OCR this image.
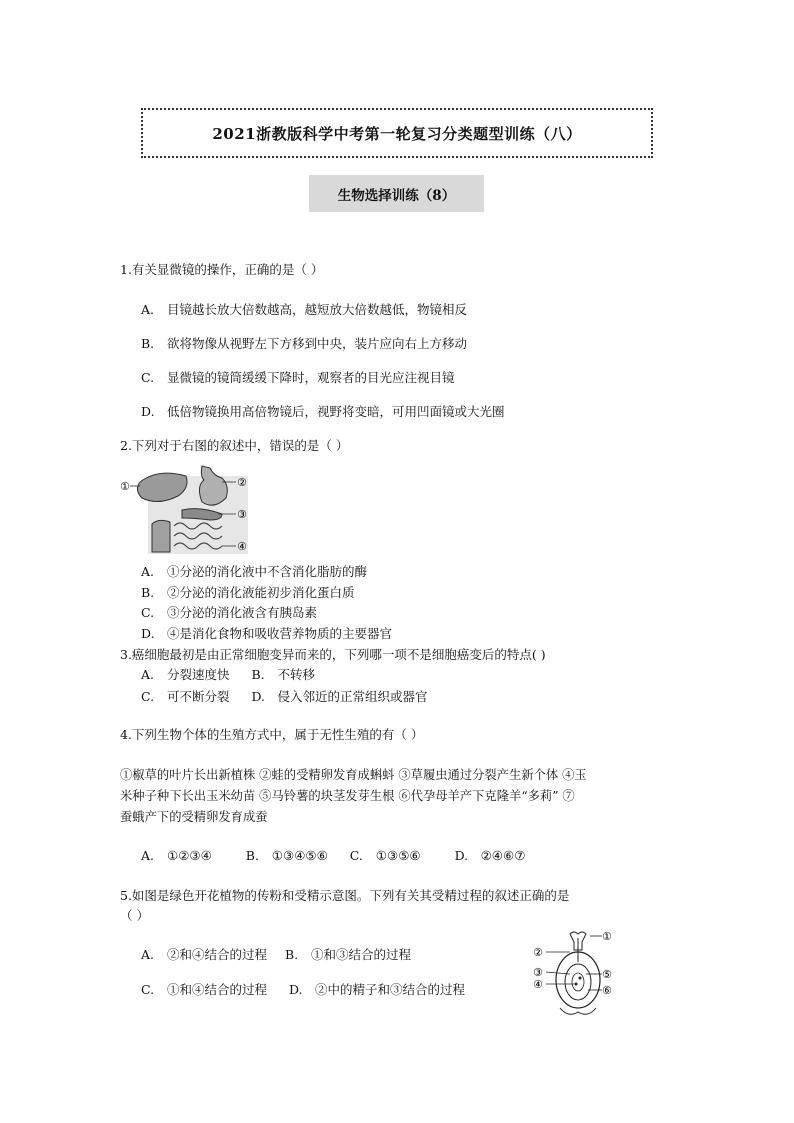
2021浙教版科学中考第一轮复习分类题型训练（八）
生物选择训练（8）
1.有关显微镜的操作，正确的是（ ）
A. 目镜越长放大倍数越高，越短放大倍数越低，物镜相反
B. 欲将物像从视野左下方移到中央，装片应向右上方移动
C. 显微镜的镜筒缓缓下降时，观察者的目光应注视目镜
D. 低倍物镜换用高倍物镜后，视野将变暗，可用凹面镜或大光圈
2.下列对于右图的叙述中，错误的是（ ）
①	②
③
④
A. ①分泌的消化液中不含消化脂肪的酶
B. ②分泌的消化液能初步消化蛋白质
C. ③分泌的消化液含有胰岛素
D. ④是消化食物和吸收营养物质的主要器官
3.癌细胞最初是由正常细胞变异而来的，下列哪一项不是细胞癌变后的特点( )
A. 分裂速度快 B. 不转移
C. 可不断分裂 D. 侵入邻近的正常组织或器官
4.下列生物个体的生殖方式中，属于无性生殖的有（ ）
①椒草的叶片长出新植株 ②蛙的受精卵发育成蝌蚪 ③草履虫通过分裂产生新个体 ④玉
米种子种下长出玉米幼苗 ⑤马铃薯的块茎发芽生根 ⑥代孕母羊产下克隆羊“多莉” ⑦
蚕蛾产下的受精卵发育成蚕
A. ①②③④	B. ①③④⑤⑥ C. ①③⑤⑥	D. ②④⑥⑦
5.如图是绿色开花植物的传粉和受精示意图。下列有关其受精过程的叙述正确的是
（ ）
A. ②和④结合的过程 B. ①和③结合的过程
C. ①和④结合的过程 D. ②中的精子和③结合的过程
①
②
③
④
⑤
⑥
